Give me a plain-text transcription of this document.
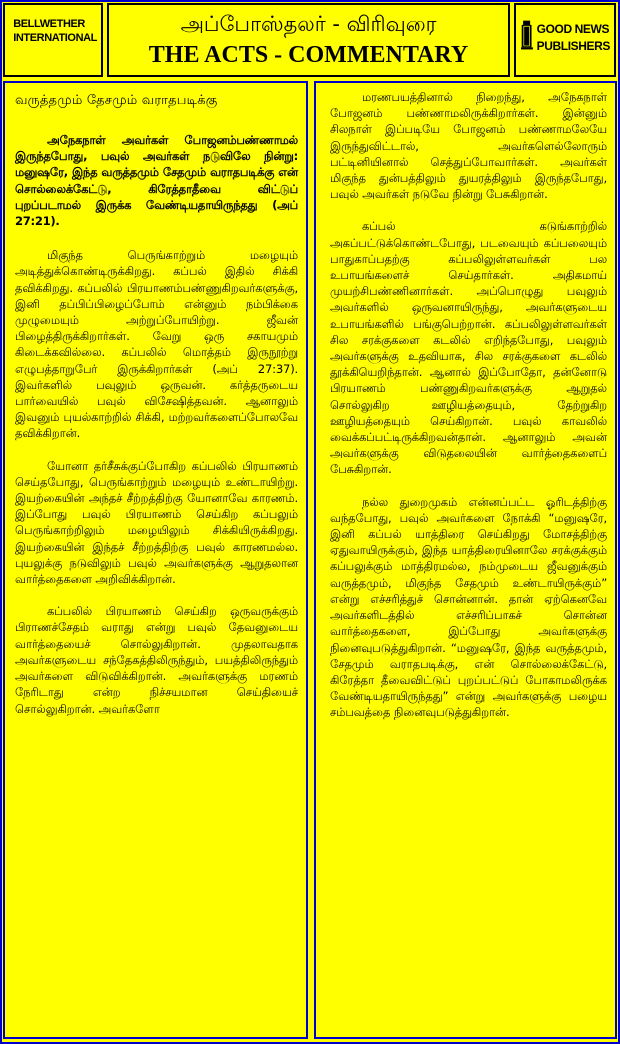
BELLWETHER
INTERNATIONAL
அப்போஸ்தலர் - விரிவுரை
THE ACTS - COMMENTARY
GOOD NEWS
PUBLISHERS

வருத்தமும் தேசமும் வராதபடிக்கு

அநேகநாள் அவர்கள் போஜனம்பண்ணாமல் இருந்தபோது, பவுல் அவர்கள் நடுவிலே நின்று: மனுஷரே, இந்த வருத்தமும் சேதமும் வராதபடிக்கு என் சொல்லைக்கேட்டு, கிரேத்தாதீவை விட்டுப் புறப்படாமல் இருக்க வேண்டியதாயிருந்தது (அப் 27:21).

மிகுந்த பெருங்காற்றும் மழையும் அடித்துக்கொண்டிருக்கிறது. கப்பல் இதில் சிக்கி தவிக்கிறது. கப்பலில் பிரயாணம்பண்ணுகிறவர்களுக்கு, இனி தப்பிப்பிழைப்போம் என்னும் நம்பிக்கை முழுமையும் அற்றுப்போயிற்று. ஜீவன் பிழைத்திருக்கிறார்கள். வேறு ஒரு சகாயமும் கிடைக்கவில்லை. கப்பலில் மொத்தம் இருநூற்று எழுபத்தாறுபேர் இருக்கிறார்கள் (அப் 27:37). இவர்களில் பவுலும் ஒருவன். கர்த்தருடைய பார்வையில் பவுல் விசேஷித்தவன். ஆனாலும் இவனும் புயல்காற்றில் சிக்கி, மற்றவர்களைப்போலவே தவிக்கிறான்.

யோனா தர்சீசுக்குப்போகிற கப்பலில் பிரயாணம் செய்தபோது, பெருங்காற்றும் மழையும் உண்டாயிற்று. இயற்கையின் அந்தச் சீற்றத்திற்கு யோனாவே காரணம். இப்போது பவுல் பிரயாணம் செய்கிற கப்பலும் பெருங்காற்றிலும் மழையிலும் சிக்கியிருக்கிறது. இயற்கையின் இந்தச் சீற்றத்திற்கு பவுல் காரணமல்ல. புயலுக்கு நடுவிலும் பவுல் அவர்களுக்கு ஆறுதலான வார்த்தைகளை அறிவிக்கிறான்.

கப்பலில் பிரயாணம் செய்கிற ஒருவருக்கும் பிராணச்சேதம் வராது என்று பவுல் தேவனுடைய வார்த்தையைச் சொல்லுகிறான். முதலாவதாக அவர்களுடைய சந்தேகத்திலிருந்தும், பயத்திலிருந்தும் அவர்களை விடுவிக்கிறான். அவர்களுக்கு மரணம் நேரிடாது என்ற நிச்சயமான செய்தியைச் சொல்லுகிறான். அவர்களோ

மரணபயத்தினால் நிறைந்து, அநேகநாள் போஜனம் பண்ணாமலிருக்கிறார்கள். இன்னும் சிலநாள் இப்படியே போஜனம் பண்ணாமலேயே இருந்துவிட்டால், அவர்களெல்லோரும் பட்டினியினால் செத்துப்போவார்கள். அவர்கள் மிகுந்த துன்பத்திலும் துயரத்திலும் இருந்தபோது, பவுல் அவர்கள் நடுவே நின்று பேசுகிறான்.

கப்பல் கடுங்காற்றில் அகப்பட்டுக்கொண்டபோது, படவையும் கப்பலையும் பாதுகாப்பதற்கு கப்பலிலுள்ளவர்கள் பல உபாயங்களைச் செய்தார்கள். அதிகமாய் முயற்சிபண்ணினார்கள். அப்பொழுது பவுலும் அவர்களில் ஒருவனாயிருந்து, அவர்களுடைய உபாயங்களில் பங்குபெற்றான். கப்பலிலுள்ளவர்கள் சில சரக்குகளை கடலில் எறிந்தபோது, பவுலும் அவர்களுக்கு உதவியாக, சில சரக்குகளை கடலில் தூக்கியெறிந்தான். ஆனால் இப்போதோ, தன்னோடு பிரயாணம் பண்ணுகிறவர்களுக்கு ஆறுதல் சொல்லுகிற ஊழியத்தையும், தேற்றுகிற ஊழியத்தையும் செய்கிறான். பவுல் காவலில் வைக்கப்பட்டிருக்கிறவன்தான். ஆனாலும் அவன் அவர்களுக்கு விடுதலையின் வார்த்தைகளைப் பேசுகிறான்.

நல்ல துறைமுகம் என்னப்பட்ட ஓரிடத்திற்கு வந்தபோது, பவுல் அவர்களை நோக்கி “மனுஷரே, இனி கப்பல் யாத்திரை செய்கிறது மோசத்திற்கு ஏதுவாயிருக்கும், இந்த யாத்திரையினாலே சரக்குக்கும் கப்பலுக்கும் மாத்திரமல்ல, நம்முடைய ஜீவனுக்கும் வருத்தமும், மிகுந்த சேதமும் உண்டாயிருக்கும்” என்று எச்சரித்துச் சொன்னான். தான் ஏற்கெனவே அவர்களிடத்தில் எச்சரிப்பாகச் சொன்ன வார்த்தைகளை, இப்போது அவர்களுக்கு நினைவுபடுத்துகிறான். “மனுஷரே, இந்த வருத்தமும், சேதமும் வராதபடிக்கு, என் சொல்லைக்கேட்டு, கிரேத்தா தீவைவிட்டுப் புறப்பட்டுப் போகாமலிருக்க வேண்டியதாயிருந்தது” என்று அவர்களுக்கு பழைய சம்பவத்தை நினைவுபடுத்துகிறான்.
